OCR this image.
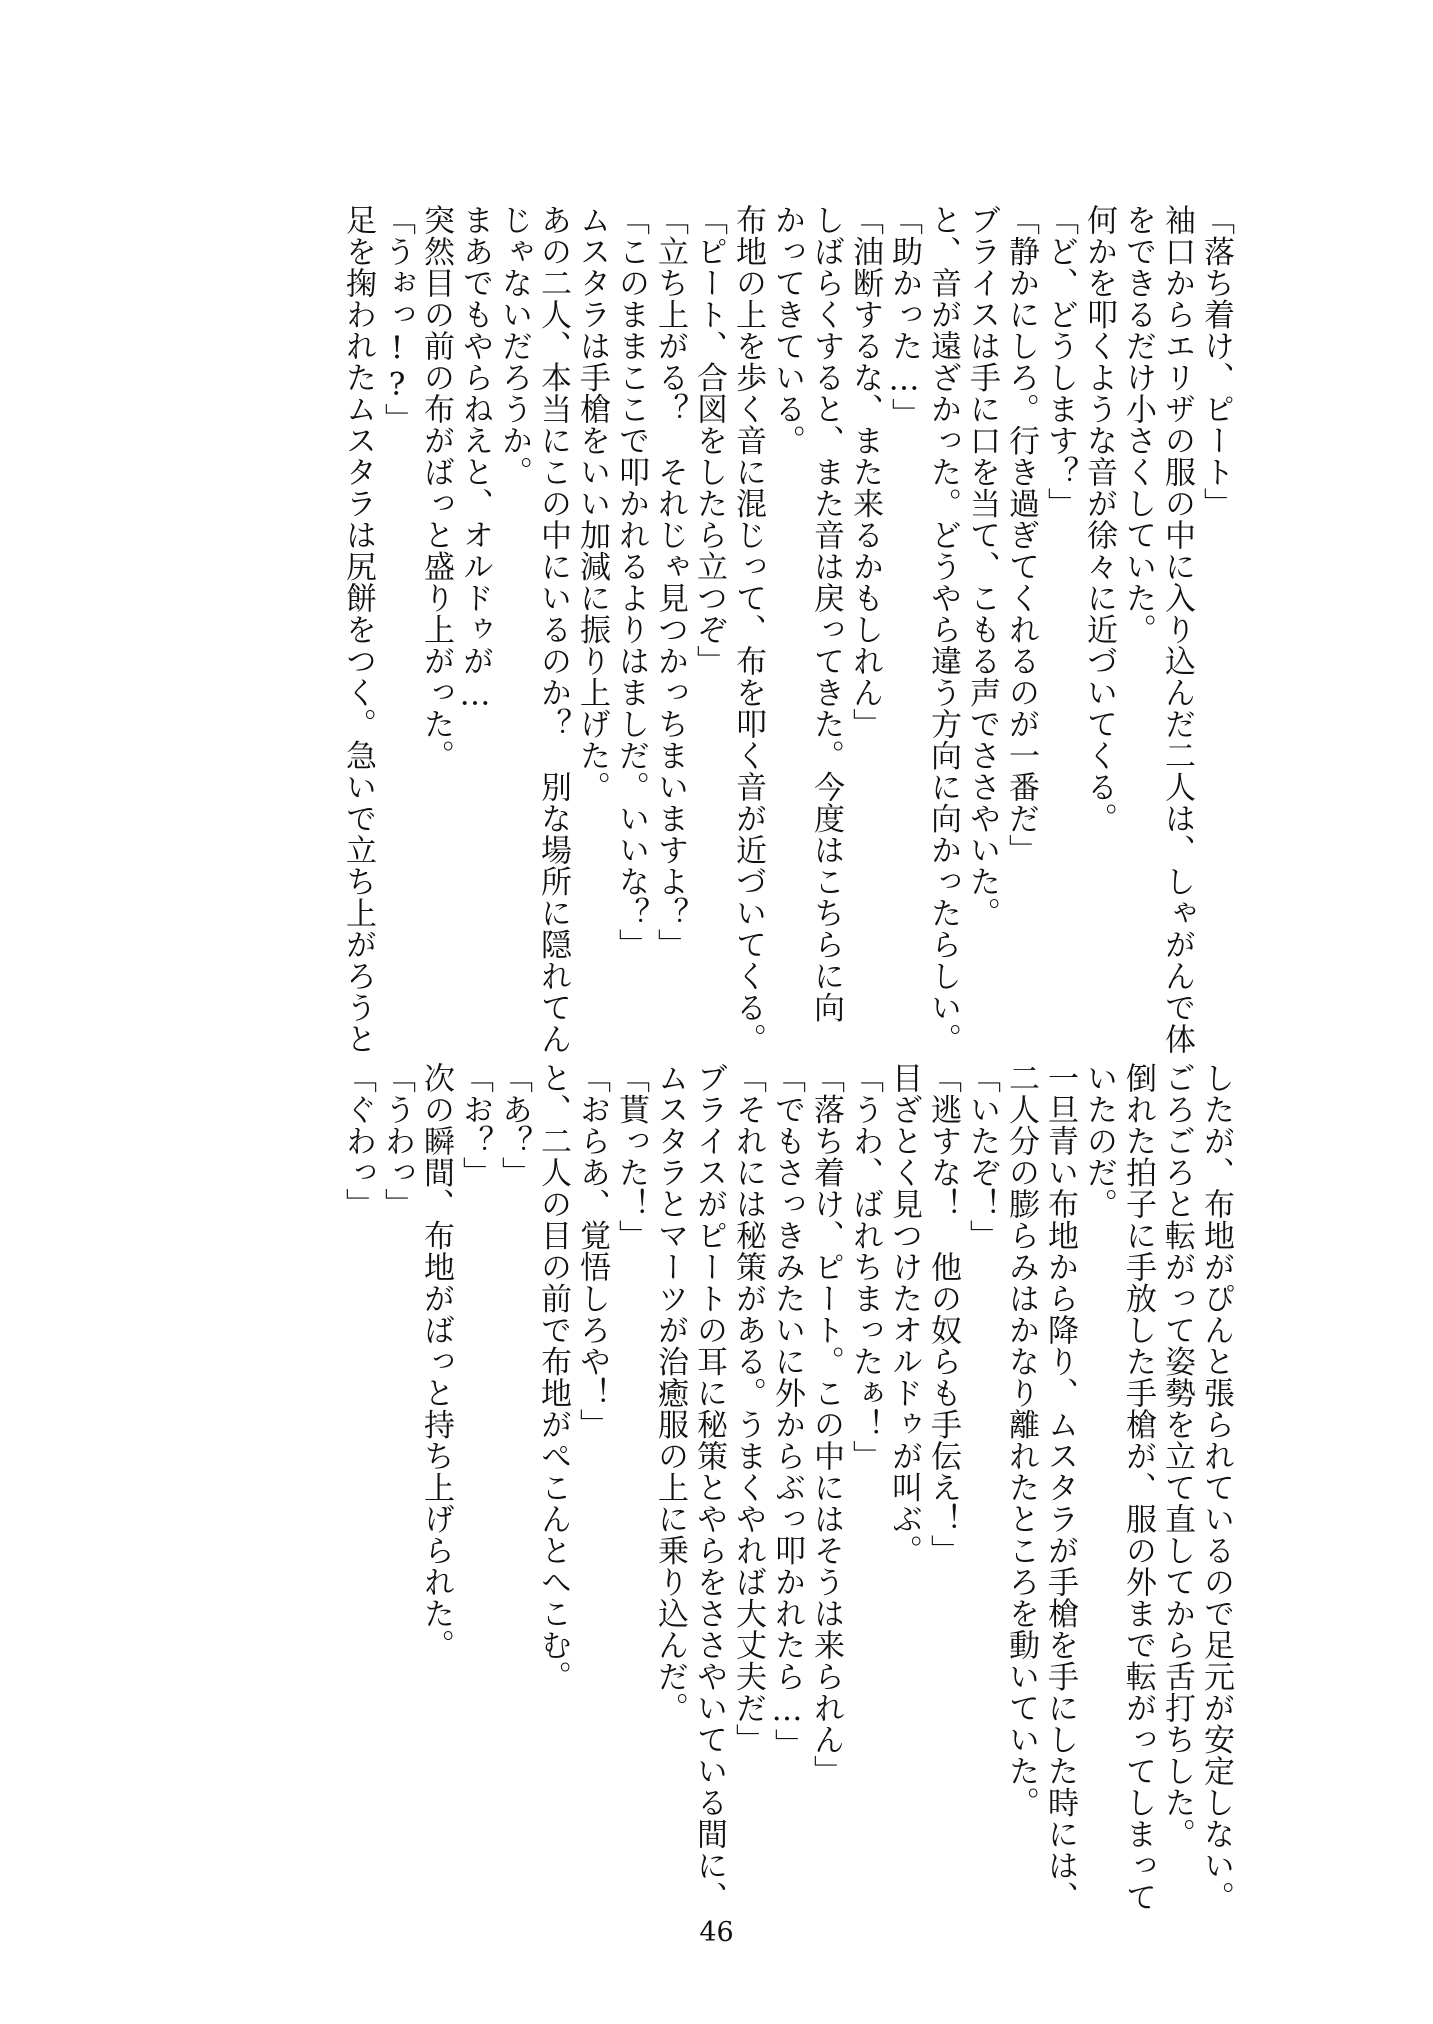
「落ち着け、ピート」
袖口からエリザの服の中に入り込んだ二人は、しゃがんで体
をできるだけ小さくしていた。
何かを叩くような音が徐々に近づいてくる。
「ど、どうします？」
「静かにしろ。行き過ぎてくれるのが一番だ」
ブライスは手に口を当て、こもる声でささやいた。
と、音が遠ざかった。どうやら違う方向に向かったらしい。
「助かった…」
「油断するな、また来るかもしれん」
しばらくすると、また音は戻ってきた。今度はこちらに向
かってきている。
布地の上を歩く音に混じって、布を叩く音が近づいてくる。
「ピート、合図をしたら立つぞ」
「立ち上がる？　それじゃ見つかっちまいますよ？」
「このままここで叩かれるよりはましだ。いいな？」
ムスタラは手槍をいい加減に振り上げた。
あの二人、本当にこの中にいるのか？　別な場所に隠れてん
じゃないだろうか。
まあでもやらねえと、オルドゥが…
突然目の前の布がばっと盛り上がった。
「うぉっ!?」
足を掬われたムスタラは尻餅をつく。急いで立ち上がろうと
したが、布地がぴんと張られているので足元が安定しない。
ごろごろと転がって姿勢を立て直してから舌打ちした。
倒れた拍子に手放した手槍が、服の外まで転がってしまって
いたのだ。
一旦青い布地から降り、ムスタラが手槍を手にした時には、
二人分の膨らみはかなり離れたところを動いていた。
「いたぞ！」
「逃すな！　他の奴らも手伝え！」
目ざとく見つけたオルドゥが叫ぶ。
「うわ、ばれちまったぁ！」
「落ち着け、ピート。この中にはそうは来られん」
「でもさっきみたいに外からぶっ叩かれたら…」
「それには秘策がある。うまくやれば大丈夫だ」
ブライスがピートの耳に秘策とやらをささやいている間に、
ムスタラとマーツが治癒服の上に乗り込んだ。
「貰った！」
「おらあ、覚悟しろや！」
と、二人の目の前で布地がぺこんとへこむ。
「あ？」
「お？」
次の瞬間、布地がばっと持ち上げられた。
「うわっ」
「ぐわっ」
46
